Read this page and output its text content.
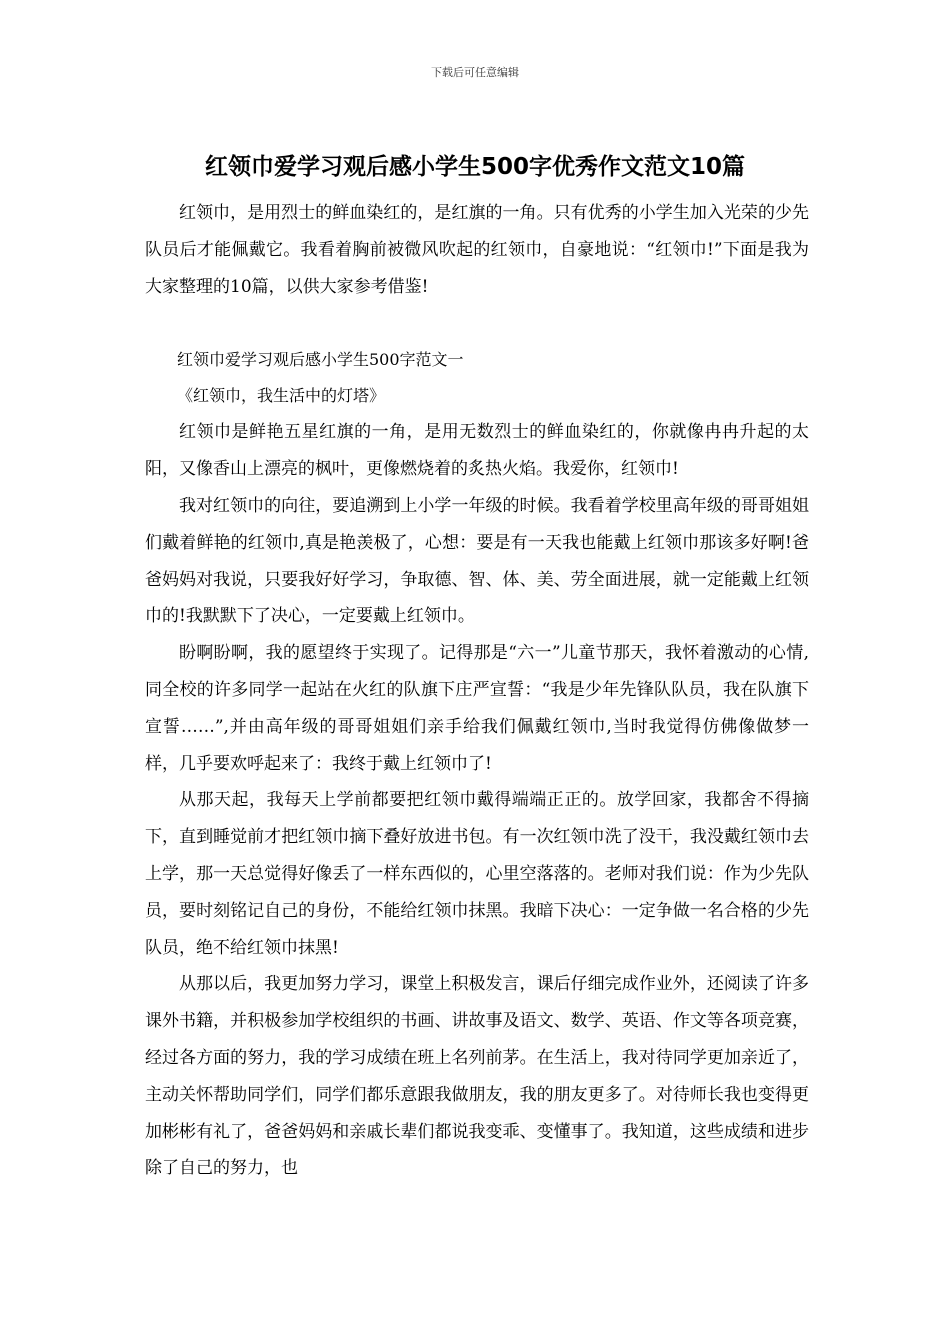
下载后可任意编辑
红领巾爱学习观后感小学生500字优秀作文范文10篇

红领巾，是用烈士的鲜血染红的，是红旗的一角。只有优秀的小学生加入光荣的少先队员后才能佩戴它。我看着胸前被微风吹起的红领巾，自豪地说：“红领巾!”下面是我为大家整理的10篇，以供大家参考借鉴!

红领巾爱学习观后感小学生500字范文一

《红领巾，我生活中的灯塔》

红领巾是鲜艳五星红旗的一角，是用无数烈士的鲜血染红的，你就像冉冉升起的太阳，又像香山上漂亮的枫叶，更像燃烧着的炙热火焰。我爱你，红领巾!

我对红领巾的向往，要追溯到上小学一年级的时候。我看着学校里高年级的哥哥姐姐们戴着鲜艳的红领巾,真是艳羡极了，心想：要是有一天我也能戴上红领巾那该多好啊!爸爸妈妈对我说，只要我好好学习，争取德、智、体、美、劳全面进展，就一定能戴上红领巾的!我默默下了决心，一定要戴上红领巾。

盼啊盼啊，我的愿望终于实现了。记得那是“六一”儿童节那天，我怀着激动的心情,同全校的许多同学一起站在火红的队旗下庄严宣誓：“我是少年先锋队队员，我在队旗下宣誓……”,并由高年级的哥哥姐姐们亲手给我们佩戴红领巾,当时我觉得仿佛像做梦一样，几乎要欢呼起来了：我终于戴上红领巾了!

从那天起，我每天上学前都要把红领巾戴得端端正正的。放学回家，我都舍不得摘下，直到睡觉前才把红领巾摘下叠好放进书包。有一次红领巾洗了没干，我没戴红领巾去上学，那一天总觉得好像丢了一样东西似的，心里空落落的。老师对我们说：作为少先队员，要时刻铭记自己的身份，不能给红领巾抹黑。我暗下决心：一定争做一名合格的少先队员，绝不给红领巾抹黑!

从那以后，我更加努力学习，课堂上积极发言，课后仔细完成作业外，还阅读了许多课外书籍，并积极参加学校组织的书画、讲故事及语文、数学、英语、作文等各项竞赛，经过各方面的努力，我的学习成绩在班上名列前茅。在生活上，我对待同学更加亲近了，主动关怀帮助同学们，同学们都乐意跟我做朋友，我的朋友更多了。对待师长我也变得更加彬彬有礼了，爸爸妈妈和亲戚长辈们都说我变乖、变懂事了。我知道，这些成绩和进步除了自己的努力，也
